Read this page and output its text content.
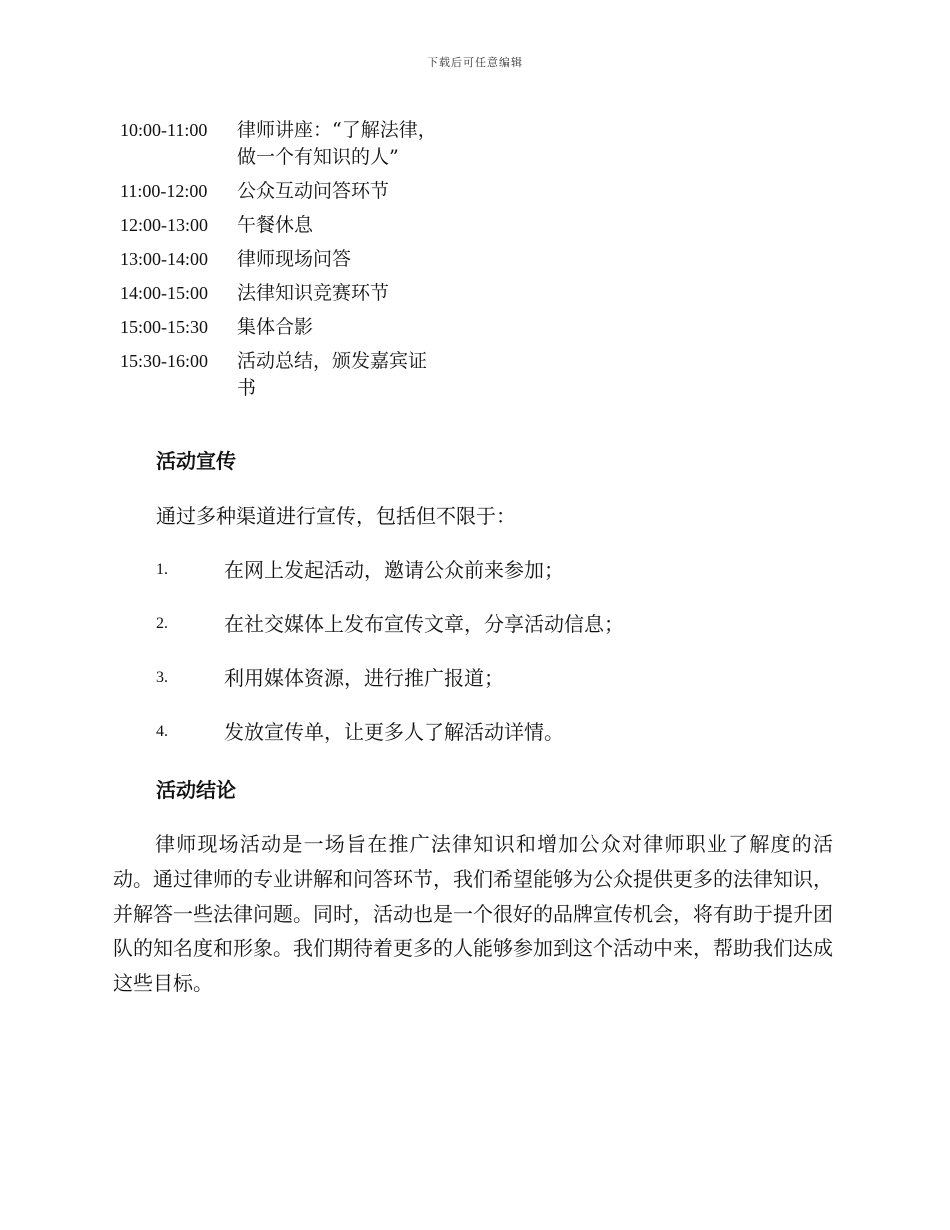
下载后可任意编辑
10:00-11:00	律师讲座：“了解法律，做一个有知识的人”
11:00-12:00	公众互动问答环节
12:00-13:00	午餐休息
13:00-14:00	律师现场问答
14:00-15:00	法律知识竞赛环节
15:00-15:30	集体合影
15:30-16:00	活动总结，颁发嘉宾证书
活动宣传
通过多种渠道进行宣传，包括但不限于：
1.	在网上发起活动，邀请公众前来参加；
2.	在社交媒体上发布宣传文章，分享活动信息；
3.	利用媒体资源，进行推广报道；
4.	发放宣传单，让更多人了解活动详情。
活动结论
律师现场活动是一场旨在推广法律知识和增加公众对律师职业了解度的活动。通过律师的专业讲解和问答环节，我们希望能够为公众提供更多的法律知识，并解答一些法律问题。同时，活动也是一个很好的品牌宣传机会，将有助于提升团队的知名度和形象。我们期待着更多的人能够参加到这个活动中来，帮助我们达成这些目标。
